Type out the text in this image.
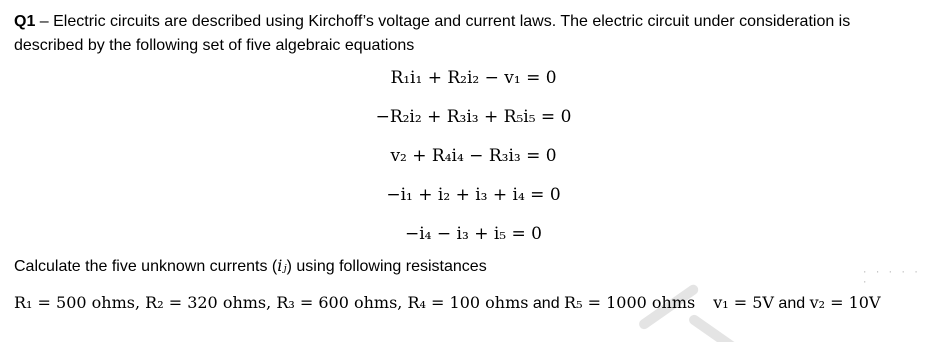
Q1 – Electric circuits are described using Kirchoff’s voltage and current laws. The electric circuit under consideration is described by the following set of five algebraic equations
R₁i₁ + R₂i₂ − v₁ = 0
−R₂i₂ + R₃i₃ + R₅i₅ = 0
v₂ + R₄i₄ − R₃i₃ = 0
−i₁ + i₂ + i₃ + i₄ = 0
−i₄ − i₃ + i₅ = 0
Calculate the five unknown currents (iⱼ) using following resistances	· · · · · ·
R₁ = 500 ohms, R₂ = 320 ohms, R₃ = 600 ohms, R₄ = 100 ohms and R₅ = 1000 ohms v₁ = 5V and v₂ = 10V
